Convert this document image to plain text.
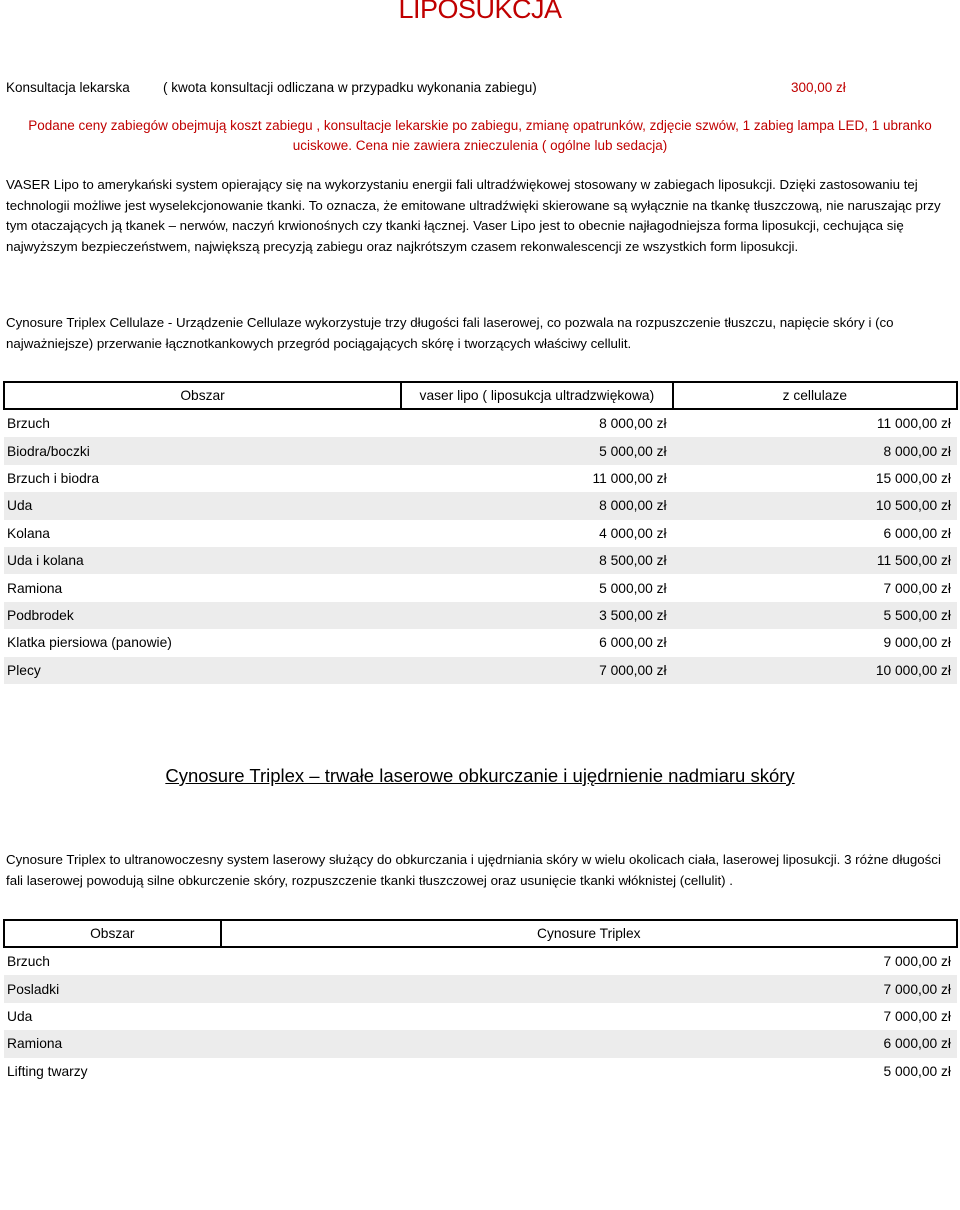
LIPOSUKCJA
Konsultacja lekarska ( kwota konsultacji odliczana w przypadku wykonania zabiegu)	300,00 zł
Podane ceny zabiegów obejmują koszt zabiegu , konsultacje lekarskie po zabiegu, zmianę opatrunków, zdjęcie szwów, 1 zabieg lampa LED, 1 ubranko uciskowe. Cena nie zawiera znieczulenia ( ogólne lub sedacja)
VASER Lipo to amerykański system opierający się na wykorzystaniu energii fali ultradźwiękowej stosowany w zabiegach liposukcji. Dzięki zastosowaniu tej technologii możliwe jest wyselekcjonowanie tkanki. To oznacza, że emitowane ultradźwięki skierowane są wyłącznie na tkankę tłuszczową, nie naruszając przy tym otaczających ją tkanek – nerwów, naczyń krwionośnych czy tkanki łącznej. Vaser Lipo jest to obecnie najłagodniejsza forma liposukcji, cechująca się najwyższym bezpieczeństwem, największą precyzją zabiegu oraz najkrótszym czasem rekonwalescencji ze wszystkich form liposukcji.
Cynosure Triplex Cellulaze - Urządzenie Cellulaze wykorzystuje trzy długości fali laserowej, co pozwala na rozpuszczenie tłuszczu, napięcie skóry i (co najważniejsze) przerwanie łącznotkankowych przegród pociągających skórę i tworzących właściwy cellulit.
Obszar	vaser lipo ( liposukcja ultradzwiękowa)	z cellulaze
Brzuch	8 000,00 zł	11 000,00 zł
Biodra/boczki	5 000,00 zł	8 000,00 zł
Brzuch i biodra	11 000,00 zł	15 000,00 zł
Uda	8 000,00 zł	10 500,00 zł
Kolana	4 000,00 zł	6 000,00 zł
Uda i kolana	8 500,00 zł	11 500,00 zł
Ramiona	5 000,00 zł	7 000,00 zł
Podbrodek	3 500,00 zł	5 500,00 zł
Klatka piersiowa (panowie)	6 000,00 zł	9 000,00 zł
Plecy	7 000,00 zł	10 000,00 zł
Cynosure Triplex – trwałe laserowe obkurczanie i ujędrnienie nadmiaru skóry
Cynosure Triplex to ultranowoczesny system laserowy służący do obkurczania i ujędrniania skóry w wielu okolicach ciała, laserowej liposukcji. 3 różne długości fali laserowej powodują silne obkurczenie skóry, rozpuszczenie tkanki tłuszczowej oraz usunięcie tkanki włóknistej (cellulit) .
Obszar	Cynosure Triplex
Brzuch	7 000,00 zł
Posladki	7 000,00 zł
Uda	7 000,00 zł
Ramiona	6 000,00 zł
Lifting twarzy	5 000,00 zł
